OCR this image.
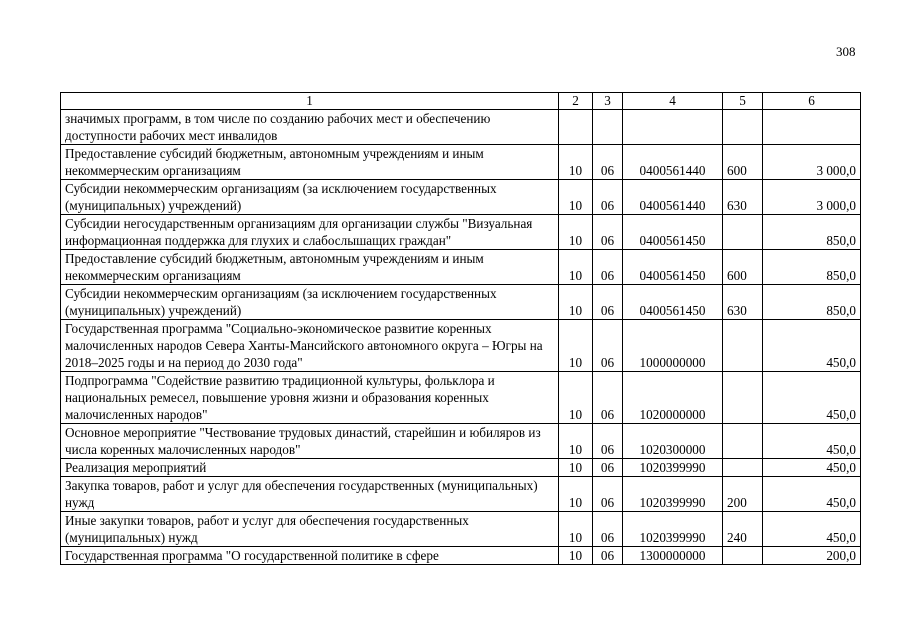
308
1	2	3	4	5	6
значимых программ, в том числе по созданию рабочих мест и обеспечению доступности рабочих мест инвалидов					
Предоставление субсидий бюджетным, автономным учреждениям и иным некоммерческим организациям	10	06	0400561440	600	3 000,0
Субсидии некоммерческим организациям (за исключением государственных (муниципальных) учреждений)	10	06	0400561440	630	3 000,0
Субсидии негосударственным организациям для организации службы "Визуальная информационная поддержка для глухих и слабослышащих граждан"	10	06	0400561450		850,0
Предоставление субсидий бюджетным, автономным учреждениям и иным некоммерческим организациям	10	06	0400561450	600	850,0
Субсидии некоммерческим организациям (за исключением государственных (муниципальных) учреждений)	10	06	0400561450	630	850,0
Государственная программа "Социально-экономическое развитие коренных малочисленных народов Севера Ханты-Мансийского автономного округа – Югры на 2018–2025 годы и на период до 2030 года"	10	06	1000000000		450,0
Подпрограмма "Содействие развитию традиционной культуры, фольклора и национальных ремесел, повышение уровня жизни и образования коренных малочисленных народов"	10	06	1020000000		450,0
Основное мероприятие "Чествование трудовых династий, старейшин и юбиляров из числа коренных малочисленных народов"	10	06	1020300000		450,0
Реализация мероприятий	10	06	1020399990		450,0
Закупка товаров, работ и услуг для обеспечения государственных (муниципальных) нужд	10	06	1020399990	200	450,0
Иные закупки товаров, работ и услуг для обеспечения государственных (муниципальных) нужд	10	06	1020399990	240	450,0
Государственная программа "О государственной политике в сфере	10	06	1300000000		200,0
